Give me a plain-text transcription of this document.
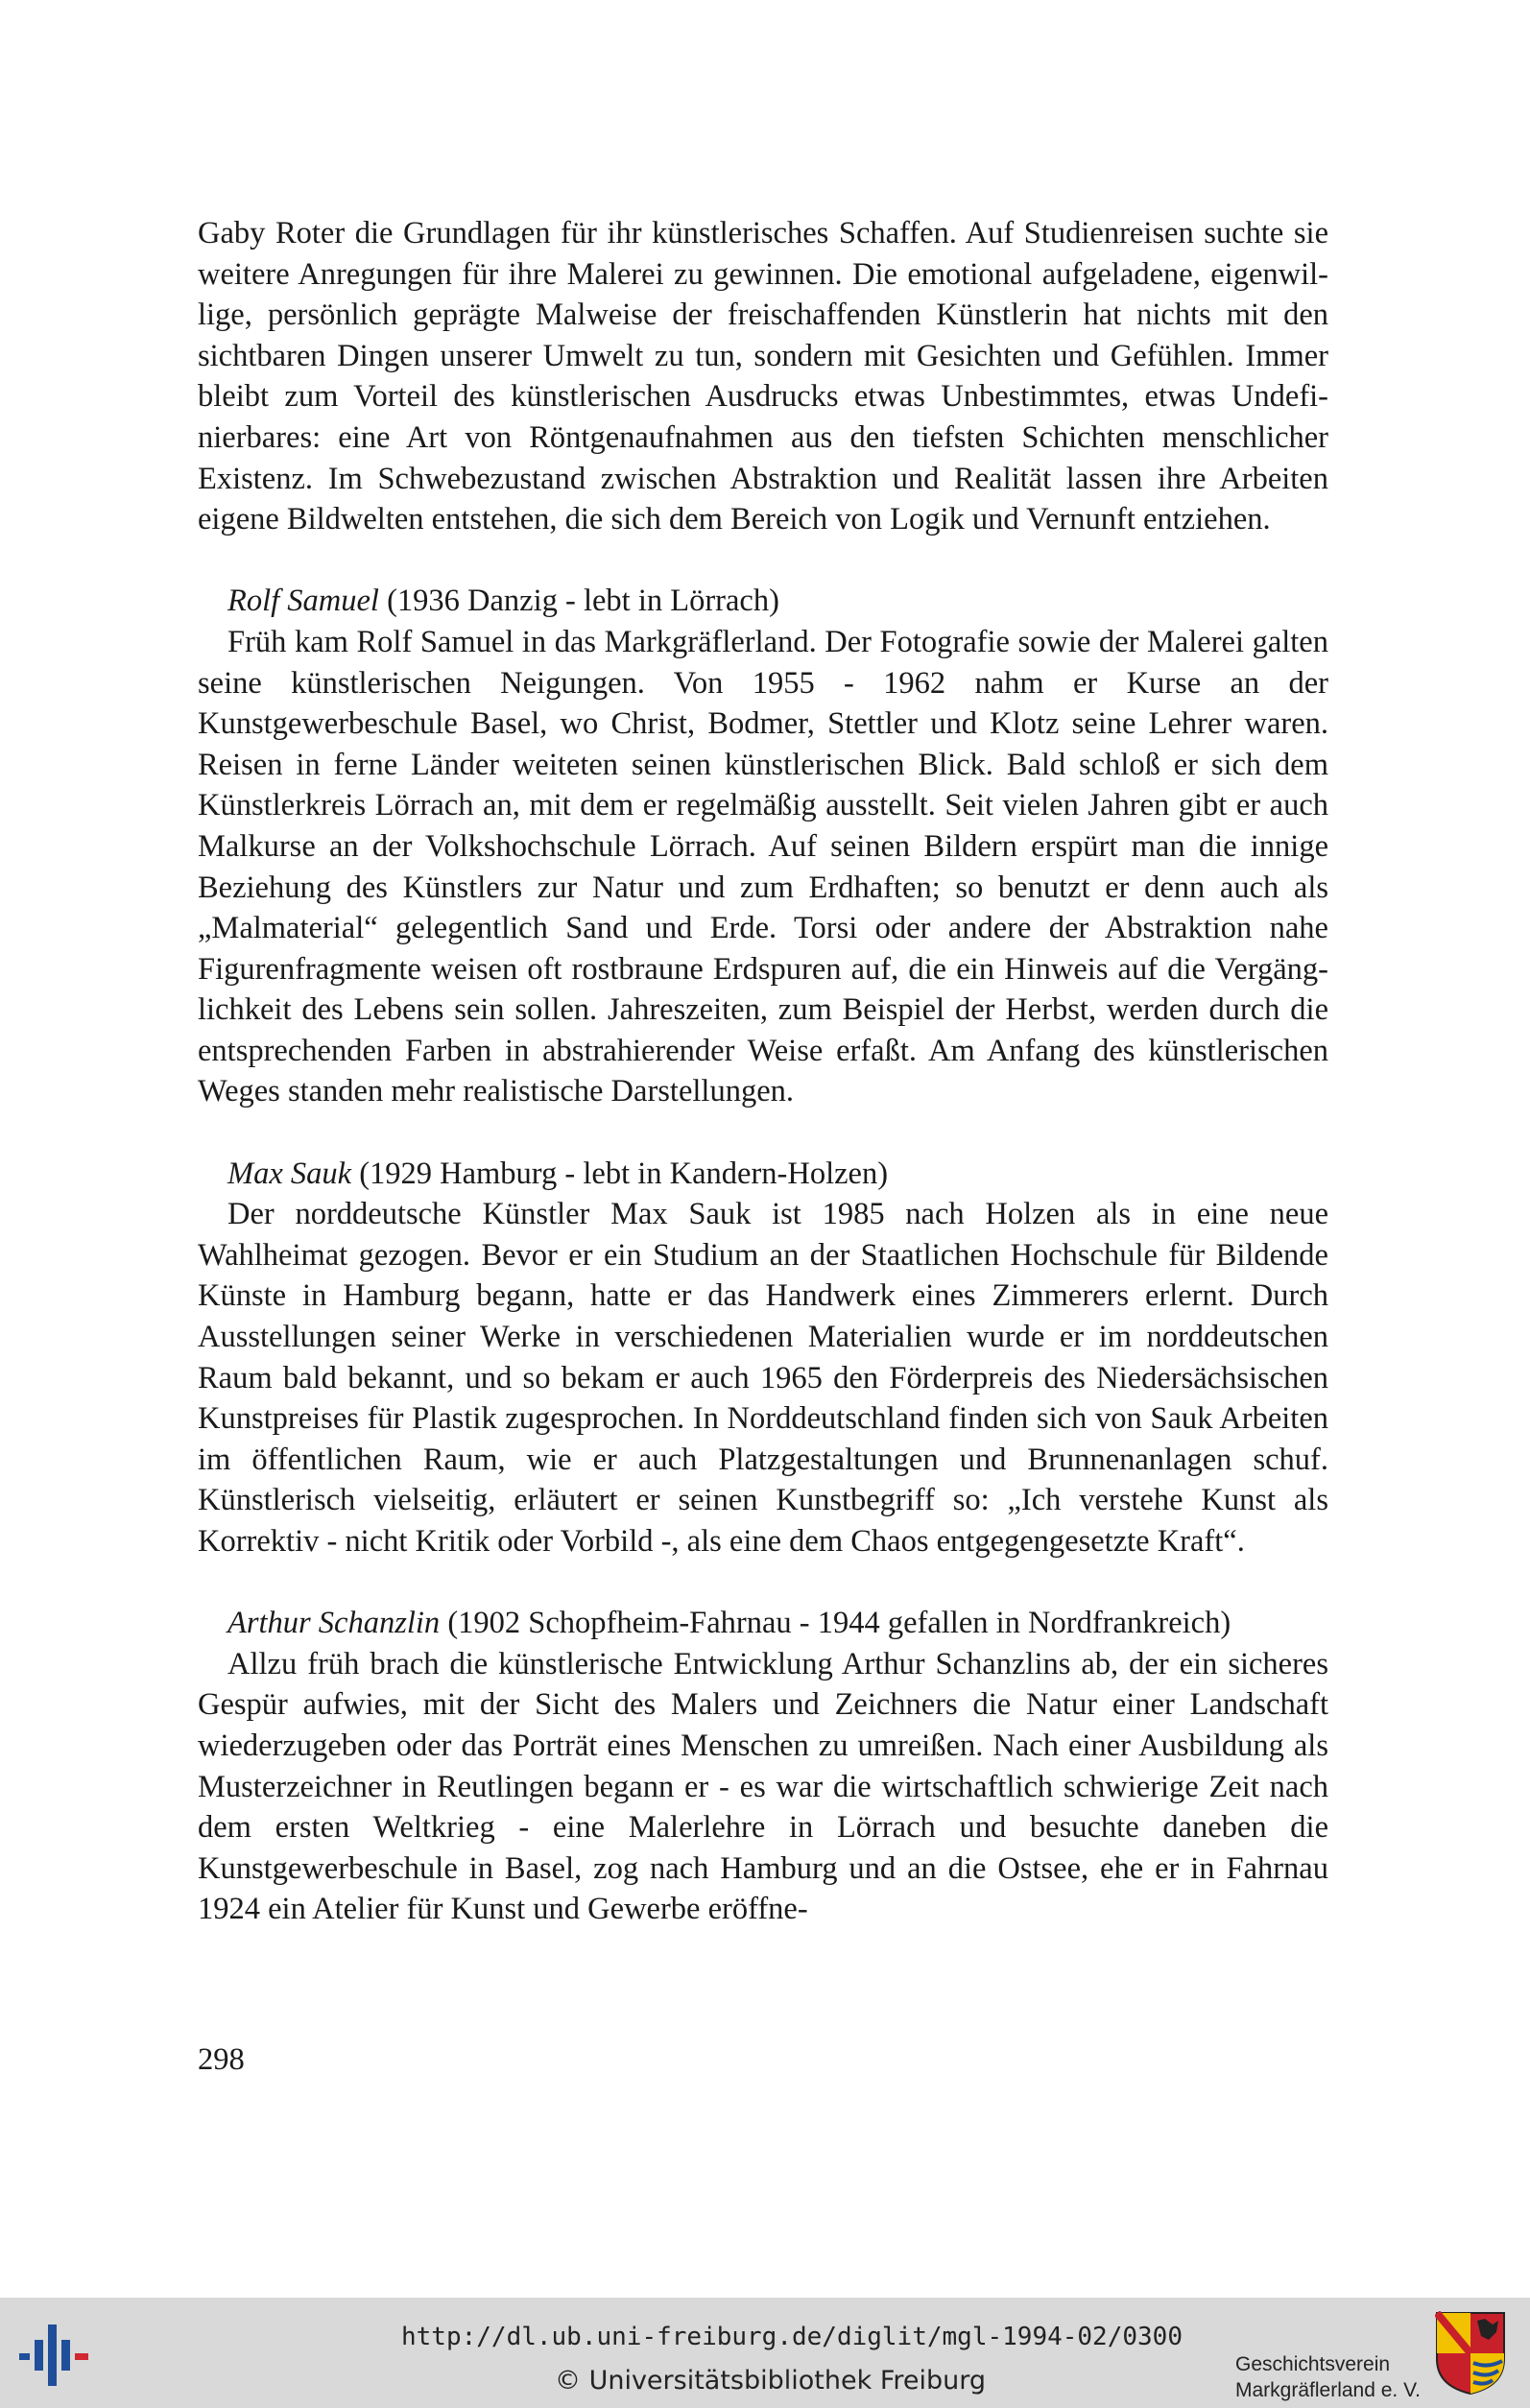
Gaby Roter die Grundlagen für ihr künstlerisches Schaffen. Auf Studienreisen suchte sie weitere Anregungen für ihre Malerei zu gewinnen. Die emotional aufgeladene, eigenwillige, persönlich geprägte Malweise der freischaffenden Künstlerin hat nichts mit den sichtbaren Dingen unserer Umwelt zu tun, sondern mit Gesichten und Gefühlen. Immer bleibt zum Vorteil des künstlerischen Ausdrucks etwas Unbestimmtes, etwas Undefinierbares: eine Art von Röntgenaufnahmen aus den tiefsten Schichten menschlicher Existenz. Im Schwebezustand zwischen Abstraktion und Realität lassen ihre Arbeiten eigene Bildwelten entstehen, die sich dem Bereich von Logik und Vernunft entziehen.

Rolf Samuel (1936 Danzig - lebt in Lörrach)

Früh kam Rolf Samuel in das Markgräflerland. Der Fotografie sowie der Malerei galten seine künstlerischen Neigungen. Von 1955 - 1962 nahm er Kurse an der Kunstgewerbeschule Basel, wo Christ, Bodmer, Stettler und Klotz seine Lehrer waren. Reisen in ferne Länder weiteten seinen künstlerischen Blick. Bald schloß er sich dem Künstlerkreis Lörrach an, mit dem er regelmäßig ausstellt. Seit vielen Jahren gibt er auch Malkurse an der Volkshochschule Lörrach. Auf seinen Bildern erspürt man die innige Beziehung des Künstlers zur Natur und zum Erdhaften; so benutzt er denn auch als „Malmaterial“ gelegentlich Sand und Erde. Torsi oder andere der Abstraktion nahe Figurenfragmente weisen oft rostbraune Erdspuren auf, die ein Hinweis auf die Vergänglichkeit des Lebens sein sollen. Jahreszeiten, zum Beispiel der Herbst, werden durch die entsprechenden Farben in abstrahierender Weise erfaßt. Am Anfang des künstlerischen Weges standen mehr realistische Darstellungen.

Max Sauk (1929 Hamburg - lebt in Kandern-Holzen)

Der norddeutsche Künstler Max Sauk ist 1985 nach Holzen als in eine neue Wahlheimat gezogen. Bevor er ein Studium an der Staatlichen Hochschule für Bildende Künste in Hamburg begann, hatte er das Handwerk eines Zimmerers erlernt. Durch Ausstellungen seiner Werke in verschiedenen Materialien wurde er im norddeutschen Raum bald bekannt, und so bekam er auch 1965 den Förderpreis des Niedersächsischen Kunstpreises für Plastik zugesprochen. In Norddeutschland finden sich von Sauk Arbeiten im öffentlichen Raum, wie er auch Platzgestaltungen und Brunnenanlagen schuf. Künstlerisch vielseitig, erläutert er seinen Kunstbegriff so: „Ich verstehe Kunst als Korrektiv - nicht Kritik oder Vorbild -, als eine dem Chaos entgegengesetzte Kraft“.

Arthur Schanzlin (1902 Schopfheim-Fahrnau - 1944 gefallen in Nordfrankreich)

Allzu früh brach die künstlerische Entwicklung Arthur Schanzlins ab, der ein sicheres Gespür aufwies, mit der Sicht des Malers und Zeichners die Natur einer Landschaft wiederzugeben oder das Porträt eines Menschen zu umreißen. Nach einer Ausbildung als Musterzeichner in Reutlingen begann er - es war die wirtschaftlich schwierige Zeit nach dem ersten Weltkrieg - eine Malerlehre in Lörrach und besuchte daneben die Kunstgewerbeschule in Basel, zog nach Hamburg und an die Ostsee, ehe er in Fahrnau 1924 ein Atelier für Kunst und Gewerbe eröffne-

298
http://dl.ub.uni-freiburg.de/diglit/mgl-1994-02/0300
© Universitätsbibliothek Freiburg
Geschichtsverein
Markgräflerland e. V.
